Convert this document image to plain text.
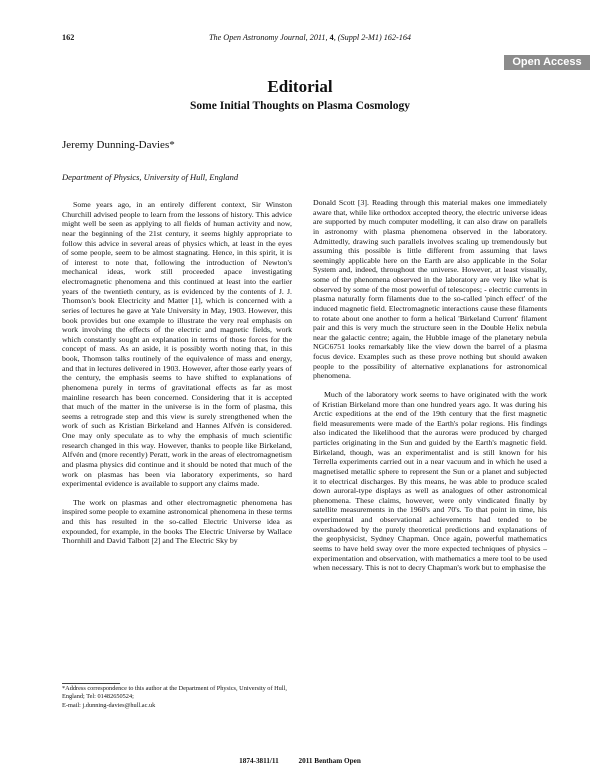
162	The Open Astronomy Journal, 2011, 4, (Suppl 2-M1) 162-164
Open Access
Editorial
Some Initial Thoughts on Plasma Cosmology
Jeremy Dunning-Davies*
Department of Physics, University of Hull, England

Some years ago, in an entirely different context, Sir Winston Churchill advised people to learn from the lessons of history. This advice might well be seen as applying to all fields of human activity and now, near the beginning of the 21st century, it seems highly appropriate to follow this advice in several areas of physics which, at least in the eyes of some people, seem to be almost stagnating. Hence, in this spirit, it is of interest to note that, following the introduction of Newton's mechanical ideas, work still proceeded apace investigating electromagnetic phenomena and this continued at least into the earlier years of the twentieth century, as is evidenced by the contents of J. J. Thomson's book Electricity and Matter [1], which is concerned with a series of lectures he gave at Yale University in May, 1903. However, this book provides but one example to illustrate the very real emphasis on work involving the effects of the electric and magnetic fields, work which constantly sought an explanation in terms of those forces for the concept of mass. As an aside, it is possibly worth noting that, in this book, Thomson talks routinely of the equivalence of mass and energy, and that in lectures delivered in 1903. However, after those early years of the century, the emphasis seems to have shifted to explanations of phenomena purely in terms of gravitational effects as far as most mainline research has been concerned. Considering that it is accepted that much of the matter in the universe is in the form of plasma, this seems a retrograde step and this view is surely strengthened when the work of such as Kristian Birkeland and Hannes Alfvén is considered. One may only speculate as to why the emphasis of much scientific research changed in this way. However, thanks to people like Birkeland, Alfvén and (more recently) Peratt, work in the areas of electromagnetism and plasma physics did continue and it should be noted that much of the work on plasmas has been via laboratory experiments, so hard experimental evidence is available to support any claims made.

The work on plasmas and other electromagnetic phenomena has inspired some people to examine astronomical phenomena in these terms and this has resulted in the so-called Electric Universe idea as expounded, for example, in the books The Electric Universe by Wallace Thornhill and David Talbott [2] and The Electric Sky by

Donald Scott [3]. Reading through this material makes one immediately aware that, while like orthodox accepted theory, the electric universe ideas are supported by much computer modelling, it can also draw on parallels in astronomy with plasma phenomena observed in the laboratory. Admittedly, drawing such parallels involves scaling up tremendously but assuming this possible is little different from assuming that laws seemingly applicable here on the Earth are also applicable in the Solar System and, indeed, throughout the universe. However, at least visually, some of the phenomena observed in the laboratory are very like what is observed by some of the most powerful of telescopes; - electric currents in plasma naturally form filaments due to the so-called 'pinch effect' of the induced magnetic field. Electromagnetic interactions cause these filaments to rotate about one another to form a helical 'Birkeland Current' filament pair and this is very much the structure seen in the Double Helix nebula near the galactic centre; again, the Hubble image of the planetary nebula NGC6751 looks remarkably like the view down the barrel of a plasma focus device. Examples such as these prove nothing but should awaken people to the possibility of alternative explanations for astronomical phenomena.

Much of the laboratory work seems to have originated with the work of Kristian Birkeland more than one hundred years ago. It was during his Arctic expeditions at the end of the 19th century that the first magnetic field measurements were made of the Earth's polar regions. His findings also indicated the likelihood that the auroras were produced by charged particles originating in the Sun and guided by the Earth's magnetic field. Birkeland, though, was an experimentalist and is still known for his Terrella experiments carried out in a near vacuum and in which he used a magnetised metallic sphere to represent the Sun or a planet and subjected it to electrical discharges. By this means, he was able to produce scaled down auroral-type displays as well as analogues of other astronomical phenomena. These claims, however, were only vindicated finally by satellite measurements in the 1960's and 70's. To that point in time, his experimental and observational achievements had tended to be overshadowed by the purely theoretical predictions and explanations of the geophysicist, Sydney Chapman. Once again, powerful mathematics seems to have held sway over the more expected techniques of physics – experimentation and observation, with mathematics a mere tool to be used when necessary. This is not to decry Chapman's work but to emphasise the

*Address correspondence to this author at the Department of Physics, University of Hull, England; Tel: 01482650524;
E-mail: j.dunning-davies@hull.ac.uk
1874-3811/11	2011 Bentham Open
